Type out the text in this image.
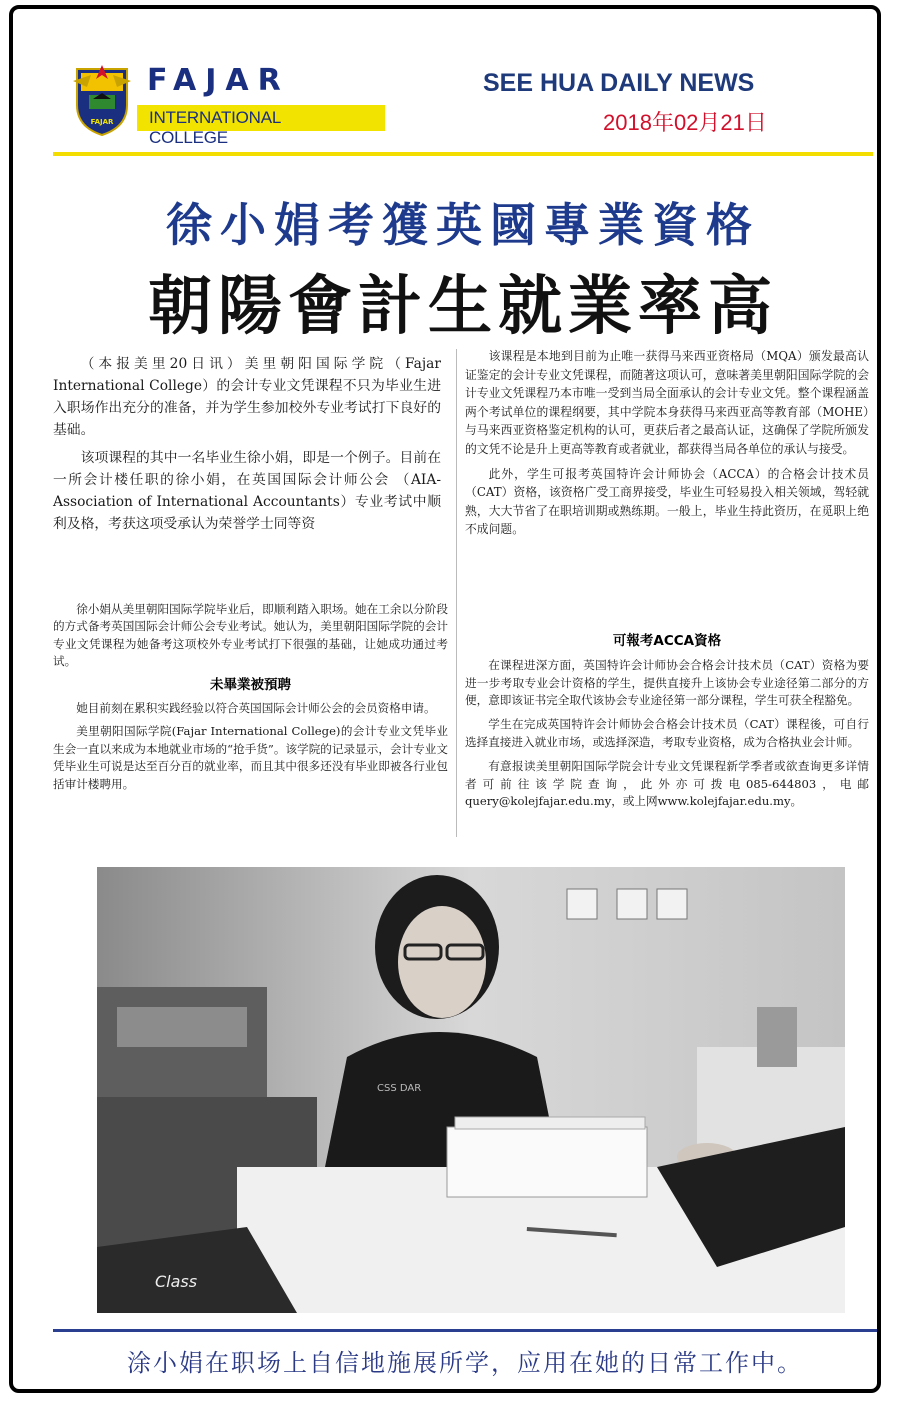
FAJAR
FAJAR
INTERNATIONAL COLLEGE
SEE HUA DAILY NEWS
2018年02月21日
徐小娟考獲英國專業資格
朝陽會計生就業率高

（本报美里20日讯）美里朝阳国际学院（Fajar International College）的会计专业文凭课程不只为毕业生进入职场作出充分的准备，并为学生参加校外专业考试打下良好的基础。

该项课程的其中一名毕业生徐小娟，即是一个例子。目前在一所会计楼任职的徐小娟，在英国国际会计师公会 （AIA- Association of International Accountants）专业考试中顺利及格，考获这项受承认为荣誉学士同等资

徐小娟从美里朝阳国际学院毕业后，即顺利踏入职场。她在工余以分阶段的方式备考英国国际会计师公会专业考试。她认为，美里朝阳国际学院的会计专业文凭课程为她备考这项校外专业考试打下很强的基础，让她成功通过考试。

未畢業被預聘

她目前刻在累积实践经验以符合英国国际会计师公会的会员资格申请。

美里朝阳国际学院(Fajar International College)的会计专业文凭毕业生会一直以来成为本地就业市场的“抢手货”。该学院的记录显示，会计专业文凭毕业生可说是达至百分百的就业率，而且其中很多还没有毕业即被各行业包括审计楼聘用。

该课程是本地到目前为止唯一获得马来西亚资格局（MQA）颁发最高认证鉴定的会计专业文凭课程，而随著这项认可，意味著美里朝阳国际学院的会计专业文凭课程乃本市唯一受到当局全面承认的会计专业文凭。整个课程涵盖两个考试单位的课程纲要，其中学院本身获得马来西亚高等教育部（MOHE）与马来西亚资格鉴定机构的认可，更获后者之最高认证，这确保了学院所颁发的文凭不论是升上更高等教育或者就业，都获得当局各单位的承认与接受。

此外，学生可报考英国特许会计师协会（ACCA）的合格会计技术员（CAT）资格，该资格广受工商界接受，毕业生可轻易投入相关领域，驾轻就熟，大大节省了在职培训期或熟练期。一般上，毕业生持此资历，在觅职上绝不成问题。

可報考ACCA資格

在课程进深方面，英国特许会计师协会合格会计技术员（CAT）资格为要进一步考取专业会计资格的学生，提供直接升上该协会专业途径第二部分的方便，意即该证书完全取代该协会专业途径第一部分课程，学生可获全程豁免。

学生在完成英国特许会计师协会合格会计技术员（CAT）课程後，可自行选择直接进入就业市场，或选择深造，考取专业资格，成为合格执业会计师。

有意报读美里朝阳国际学院会计专业文凭课程新学季者或欲查询更多详情者可前往该学院查询，此外亦可拨电085-644803，电邮query@kolejfajar.edu.my，或上网www.kolejfajar.edu.my。

CSS DAR
Class
涂小娟在职场上自信地施展所学，应用在她的日常工作中。
